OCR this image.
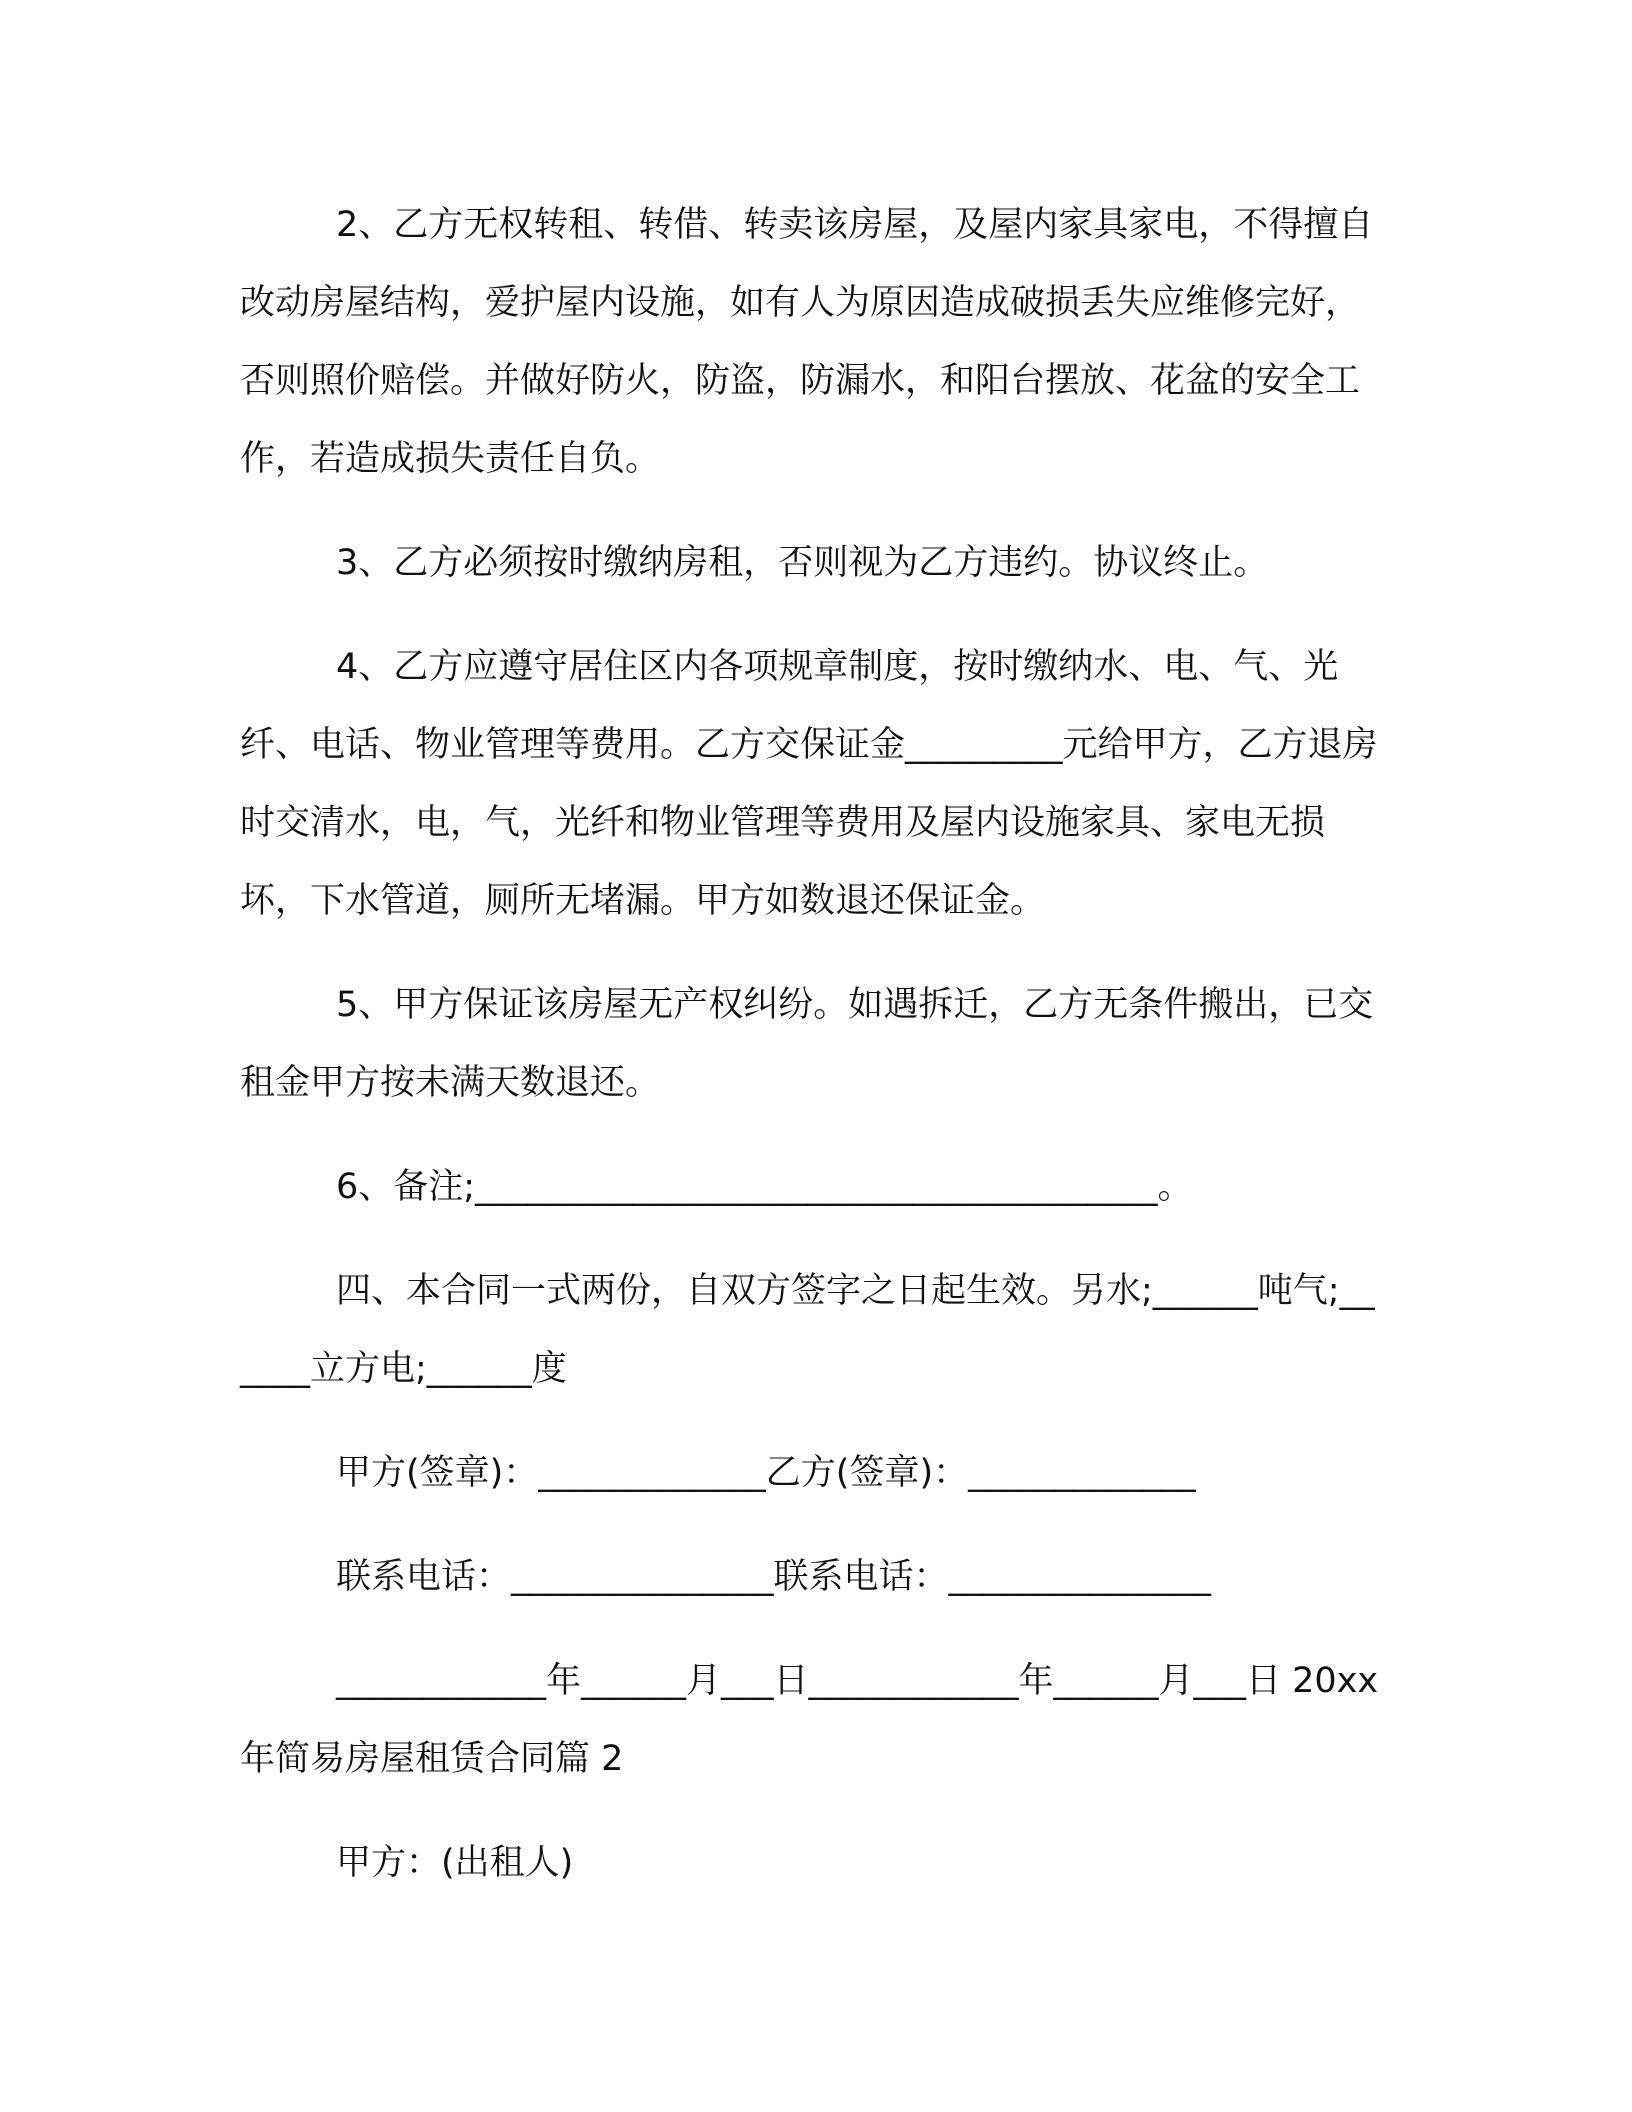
2、乙方无权转租、转借、转卖该房屋，及屋内家具家电，不得擅自改动房屋结构，爱护屋内设施，如有人为原因造成破损丢失应维修完好，否则照价赔偿。并做好防火，防盗，防漏水，和阳台摆放、花盆的安全工作，若造成损失责任自负。

3、乙方必须按时缴纳房租，否则视为乙方违约。协议终止。

4、乙方应遵守居住区内各项规章制度，按时缴纳水、电、气、光纤、电话、物业管理等费用。乙方交保证金_________元给甲方，乙方退房时交清水，电，气，光纤和物业管理等费用及屋内设施家具、家电无损坏，下水管道，厕所无堵漏。甲方如数退还保证金。

5、甲方保证该房屋无产权纠纷。如遇拆迁，乙方无条件搬出，已交租金甲方按未满天数退还。

6、备注;_______________________________________。

四、本合同一式两份，自双方签字之日起生效。另水;______吨气;______立方电;______度

甲方(签章)：_____________乙方(签章)：_____________

联系电话：_______________联系电话：_______________

____________年______月___日____________年______月___日 20xx 年简易房屋租赁合同篇 2

甲方：(出租人)
